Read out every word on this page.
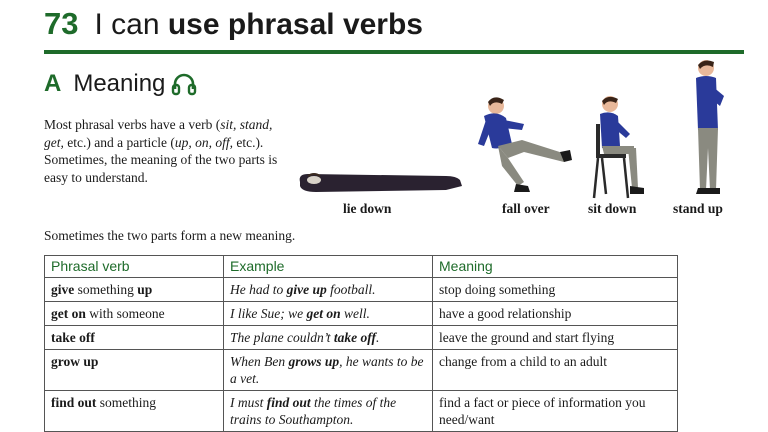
73 I can use phrasal verbs
A Meaning
Most phrasal verbs have a verb (sit, stand, get, etc.) and a particle (up, on, off, etc.). Sometimes, the meaning of the two parts is easy to understand.
lie down	fall over	sit down	stand up
Sometimes the two parts form a new meaning.
Phrasal verb	Example	Meaning
give something up	He had to give up football.	stop doing something
get on with someone	I like Sue; we get on well.	have a good relationship
take off	The plane couldn’t take off.	leave the ground and start flying
grow up	When Ben grows up, he wants to be a vet.	change from a child to an adult
find out something	I must find out the times of the trains to Southampton.	find a fact or piece of information you need/want
